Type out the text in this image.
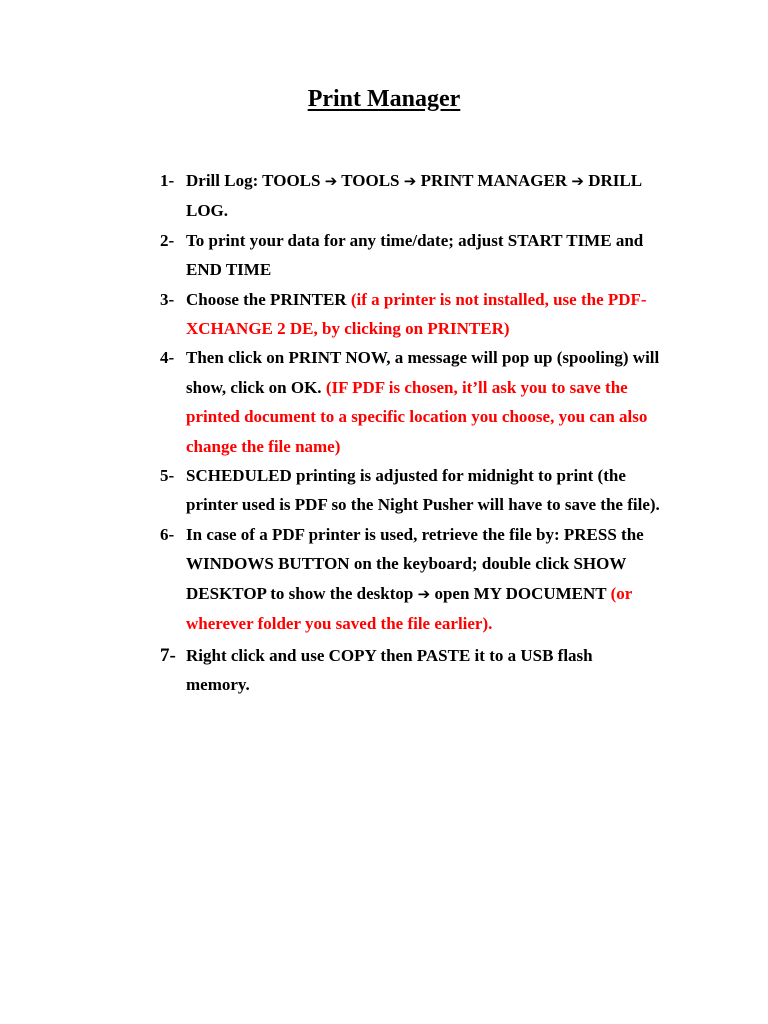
Print Manager
1- Drill Log: TOOLS ➔ TOOLS ➔ PRINT MANAGER ➔ DRILL LOG.
2- To print your data for any time/date; adjust START TIME and END TIME
3- Choose the PRINTER (if a printer is not installed, use the PDF-XCHANGE 2 DE, by clicking on PRINTER)
4- Then click on PRINT NOW, a message will pop up (spooling) will show, click on OK. (IF PDF is chosen, it’ll ask you to save the printed document to a specific location you choose, you can also change the file name)
5- SCHEDULED printing is adjusted for midnight to print (the printer used is PDF so the Night Pusher will have to save the file).
6- In case of a PDF printer is used, retrieve the file by: PRESS the WINDOWS BUTTON on the keyboard; double click SHOW DESKTOP to show the desktop ➔ open MY DOCUMENT (or wherever folder you saved the file earlier).
7- Right click and use COPY then PASTE it to a USB flash memory.
